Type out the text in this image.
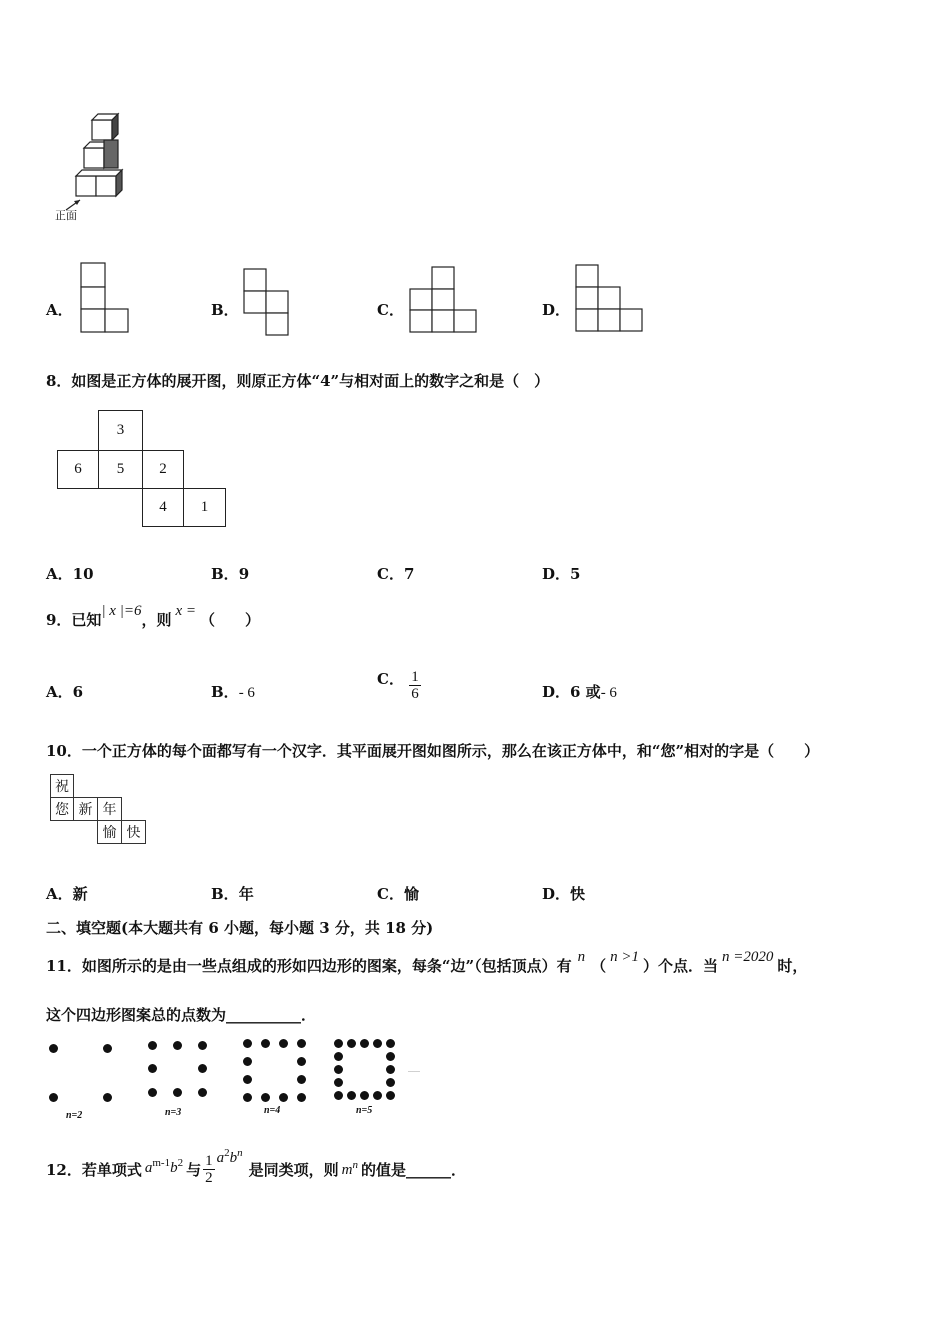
正面
A．	B．	C．	D．
8．如图是正方体的展开图，则原正方体“4”与相对面上的数字之和是（　）
3
6	5	2
4	1
A．10	B．9	C．7	D．5
9．已知| x |=6，则 x = （　　）
A．6	B．- 6
C． $\frac{1}{6}$	D．6 或- 6
10．一个正方体的每个面都写有一个汉字．其平面展开图如图所示，那么在该正方体中，和“您”相对的字是（　　）
祝
您 新 年
愉 快
A．新	B．年	C．愉	D．快
二、填空题(本大题共有 6 小题，每小题 3 分，共 18 分)
11．如图所示的是由一些点组成的形如四边形的图案，每条“边”（包括顶点）有 n （ n >1 ）个点．当 n =2020 时，
这个四边形图案总的点数为__________．
n=2	n=3	n=4	n=5
……
12．若单项式 $a^{m-1}b^2$ 与 $\frac{1}{2} a^2b^n$
是同类项，则 $m^n$ 的值是______．
